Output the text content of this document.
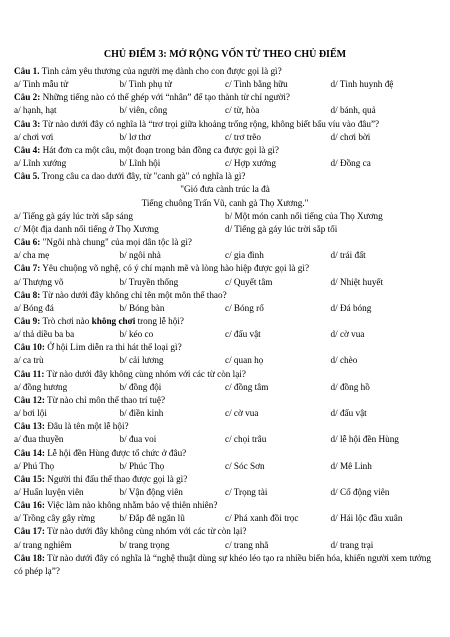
CHỦ ĐIỂM 3: MỞ RỘNG VỐN TỪ THEO CHỦ ĐIỂM
Câu 1. Tình cảm yêu thương của người mẹ dành cho con được gọi là gì?
a/ Tình mẫu tử	b/ Tình phụ tử	c/ Tình bằng hữu	d/ Tình huynh đệ
Câu 2: Những tiếng nào có thể ghép với “nhân” để tạo thành từ chỉ người?
a/ hạnh, hạt	b/ viên, công	c/ từ, hòa	d/ bánh, quả
Câu 3: Từ nào dưới đây có nghĩa là “trơ trọi giữa khoảng trống rộng, không biết bấu víu vào đâu”?
a/ chơi vơi	b/ lơ thơ	c/ trơ trẽo	d/ chơi bời
Câu 4: Hát đơn ca một câu, một đoạn trong bản đồng ca được gọi là gì?
a/ Lĩnh xướng	b/ Lĩnh hội	c/ Hợp xướng	d/ Đồng ca
Câu 5. Trong câu ca dao dưới đây, từ "canh gà" có nghĩa là gì?
"Gió đưa cành trúc la đà
Tiếng chuông Trấn Vũ, canh gà Thọ Xương."
a/ Tiếng gà gáy lúc trời sắp sáng	b/ Một món canh nổi tiếng của Thọ Xương
c/ Một địa danh nổi tiếng ở Thọ Xương	d/ Tiếng gà gáy lúc trời sắp tối
Câu 6: "Ngôi nhà chung" của mọi dân tộc là gì?
a/ cha mẹ	b/ ngôi nhà	c/ gia đình	d/ trái đất
Câu 7: Yêu chuộng võ nghệ, có ý chí mạnh mẽ và lòng hào hiệp được gọi là gì?
a/ Thượng võ	b/ Truyền thống	c/ Quyết tâm	d/ Nhiệt huyết
Câu 8: Từ nào dưới đây không chỉ tên một môn thể thao?
a/ Bóng đá	b/ Bóng bàn	c/ Bóng rổ	d/ Đá bóng
Câu 9: Trò chơi nào không chơi trong lễ hội?
a/ thả diều ba ba	b/ kéo co	c/ đấu vật	d/ cờ vua
Câu 10: Ở hội Lim diễn ra thi hát thể loại gì?
a/ ca trù	b/ cải lương	c/ quan họ	d/ chèo
Câu 11: Từ nào dưới đây không cùng nhóm với các từ còn lại?
a/ đồng hương	b/ đồng đội	c/ đồng tâm	d/ đồng hồ
Câu 12: Từ nào chỉ môn thể thao trí tuệ?
a/ bơi lội	b/ điền kinh	c/ cờ vua	d/ đấu vật
Câu 13: Đâu là tên một lễ hội?
a/ đua thuyền	b/ đua voi	c/ chọi trâu	d/ lễ hội đền Hùng
Câu 14: Lễ hội đền Hùng được tổ chức ở đâu?
a/ Phú Thọ	b/ Phúc Thọ	c/ Sóc Sơn	d/ Mê Linh
Câu 15: Người thi đấu thể thao được gọi là gì?
a/ Huấn luyện viên	b/ Vận động viên	c/ Trọng tài	d/ Cổ động viên
Câu 16: Việc làm nào không nhằm bảo vệ thiên nhiên?
a/ Trồng cây gây rừng	b/ Đắp đê ngăn lũ	c/ Phá xanh đồi trọc	d/ Hái lộc đầu xuân
Câu 17: Từ nào dưới đây không cùng nhóm với các từ còn lại?
a/ trang nghiêm	b/ trang trọng	c/ trang nhã	d/ trang trại
Câu 18: Từ nào dưới đây có nghĩa là “nghệ thuật dùng sự khéo léo tạo ra nhiều biến hóa, khiến người xem tưởng có phép lạ”?
